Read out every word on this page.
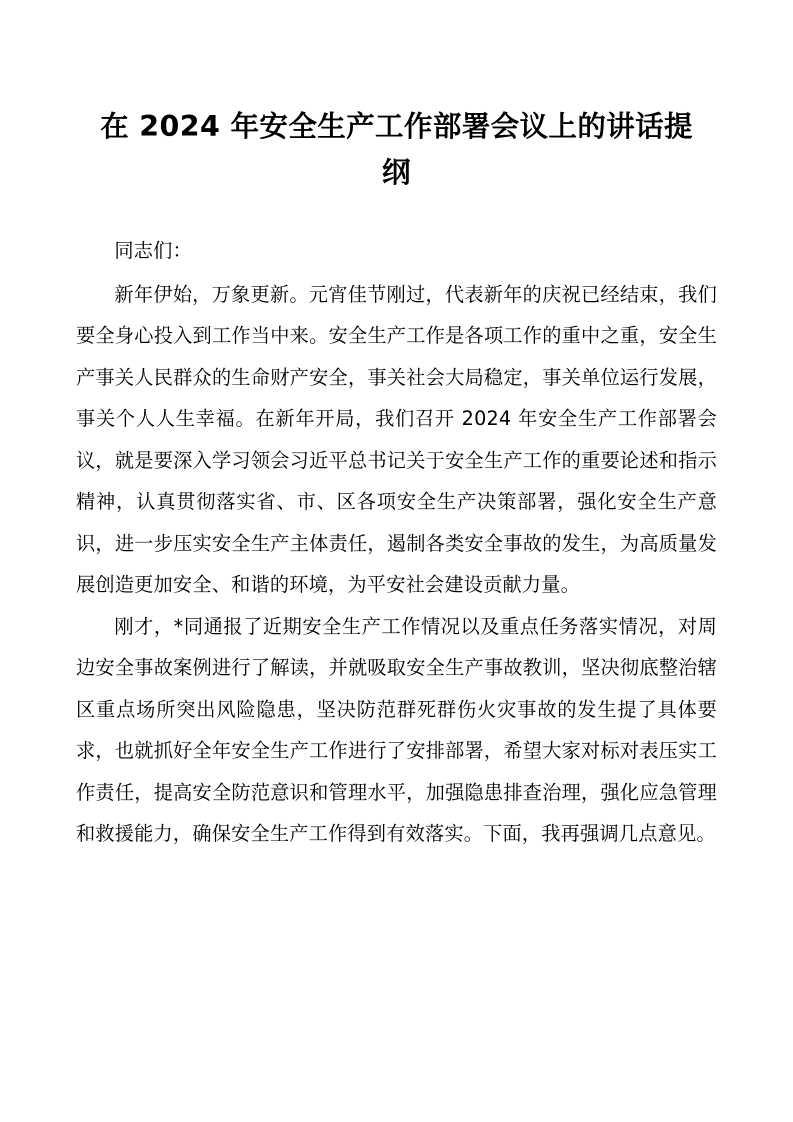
在 2024 年安全生产工作部署会议上的讲话提纲

同志们：

新年伊始，万象更新。元宵佳节刚过，代表新年的庆祝已经结束，我们要全身心投入到工作当中来。安全生产工作是各项工作的重中之重，安全生产事关人民群众的生命财产安全，事关社会大局稳定，事关单位运行发展，事关个人人生幸福。在新年开局，我们召开 2024 年安全生产工作部署会议，就是要深入学习领会习近平总书记关于安全生产工作的重要论述和指示精神，认真贯彻落实省、市、区各项安全生产决策部署，强化安全生产意识，进一步压实安全生产主体责任，遏制各类安全事故的发生，为高质量发展创造更加安全、和谐的环境，为平安社会建设贡献力量。

刚才，*同通报了近期安全生产工作情况以及重点任务落实情况，对周边安全事故案例进行了解读，并就吸取安全生产事故教训，坚决彻底整治辖区重点场所突出风险隐患，坚决防范群死群伤火灾事故的发生提了具体要求，也就抓好全年安全生产工作进行了安排部署，希望大家对标对表压实工作责任，提高安全防范意识和管理水平，加强隐患排查治理，强化应急管理和救援能力，确保安全生产工作得到有效落实。下面，我再强调几点意见。
